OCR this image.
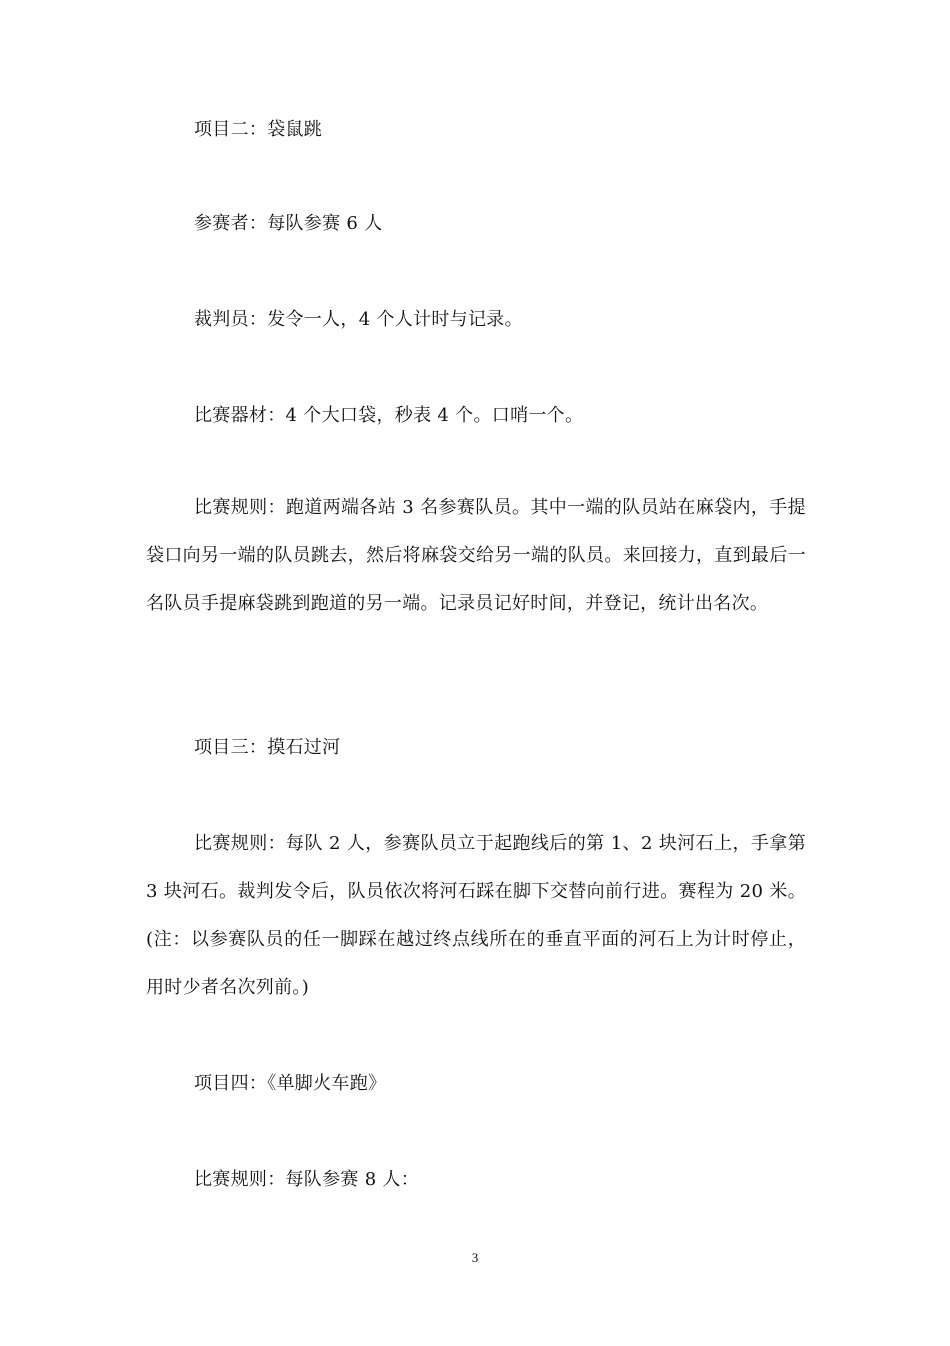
项目二：袋鼠跳

参赛者：每队参赛 6 人

裁判员：发令一人，4 个人计时与记录。

比赛器材：4 个大口袋，秒表 4 个。口哨一个。

比赛规则：跑道两端各站 3 名参赛队员。其中一端的队员站在麻袋内，手提袋口向另一端的队员跳去，然后将麻袋交给另一端的队员。来回接力，直到最后一名队员手提麻袋跳到跑道的另一端。记录员记好时间，并登记，统计出名次。

项目三：摸石过河

比赛规则：每队 2 人，参赛队员立于起跑线后的第 1、2 块河石上，手拿第 3 块河石。裁判发令后，队员依次将河石踩在脚下交替向前行进。赛程为 20 米。(注：以参赛队员的任一脚踩在越过终点线所在的垂直平面的河石上为计时停止，用时少者名次列前。)

项目四：《单脚火车跑》

比赛规则：每队参赛 8 人：

3
